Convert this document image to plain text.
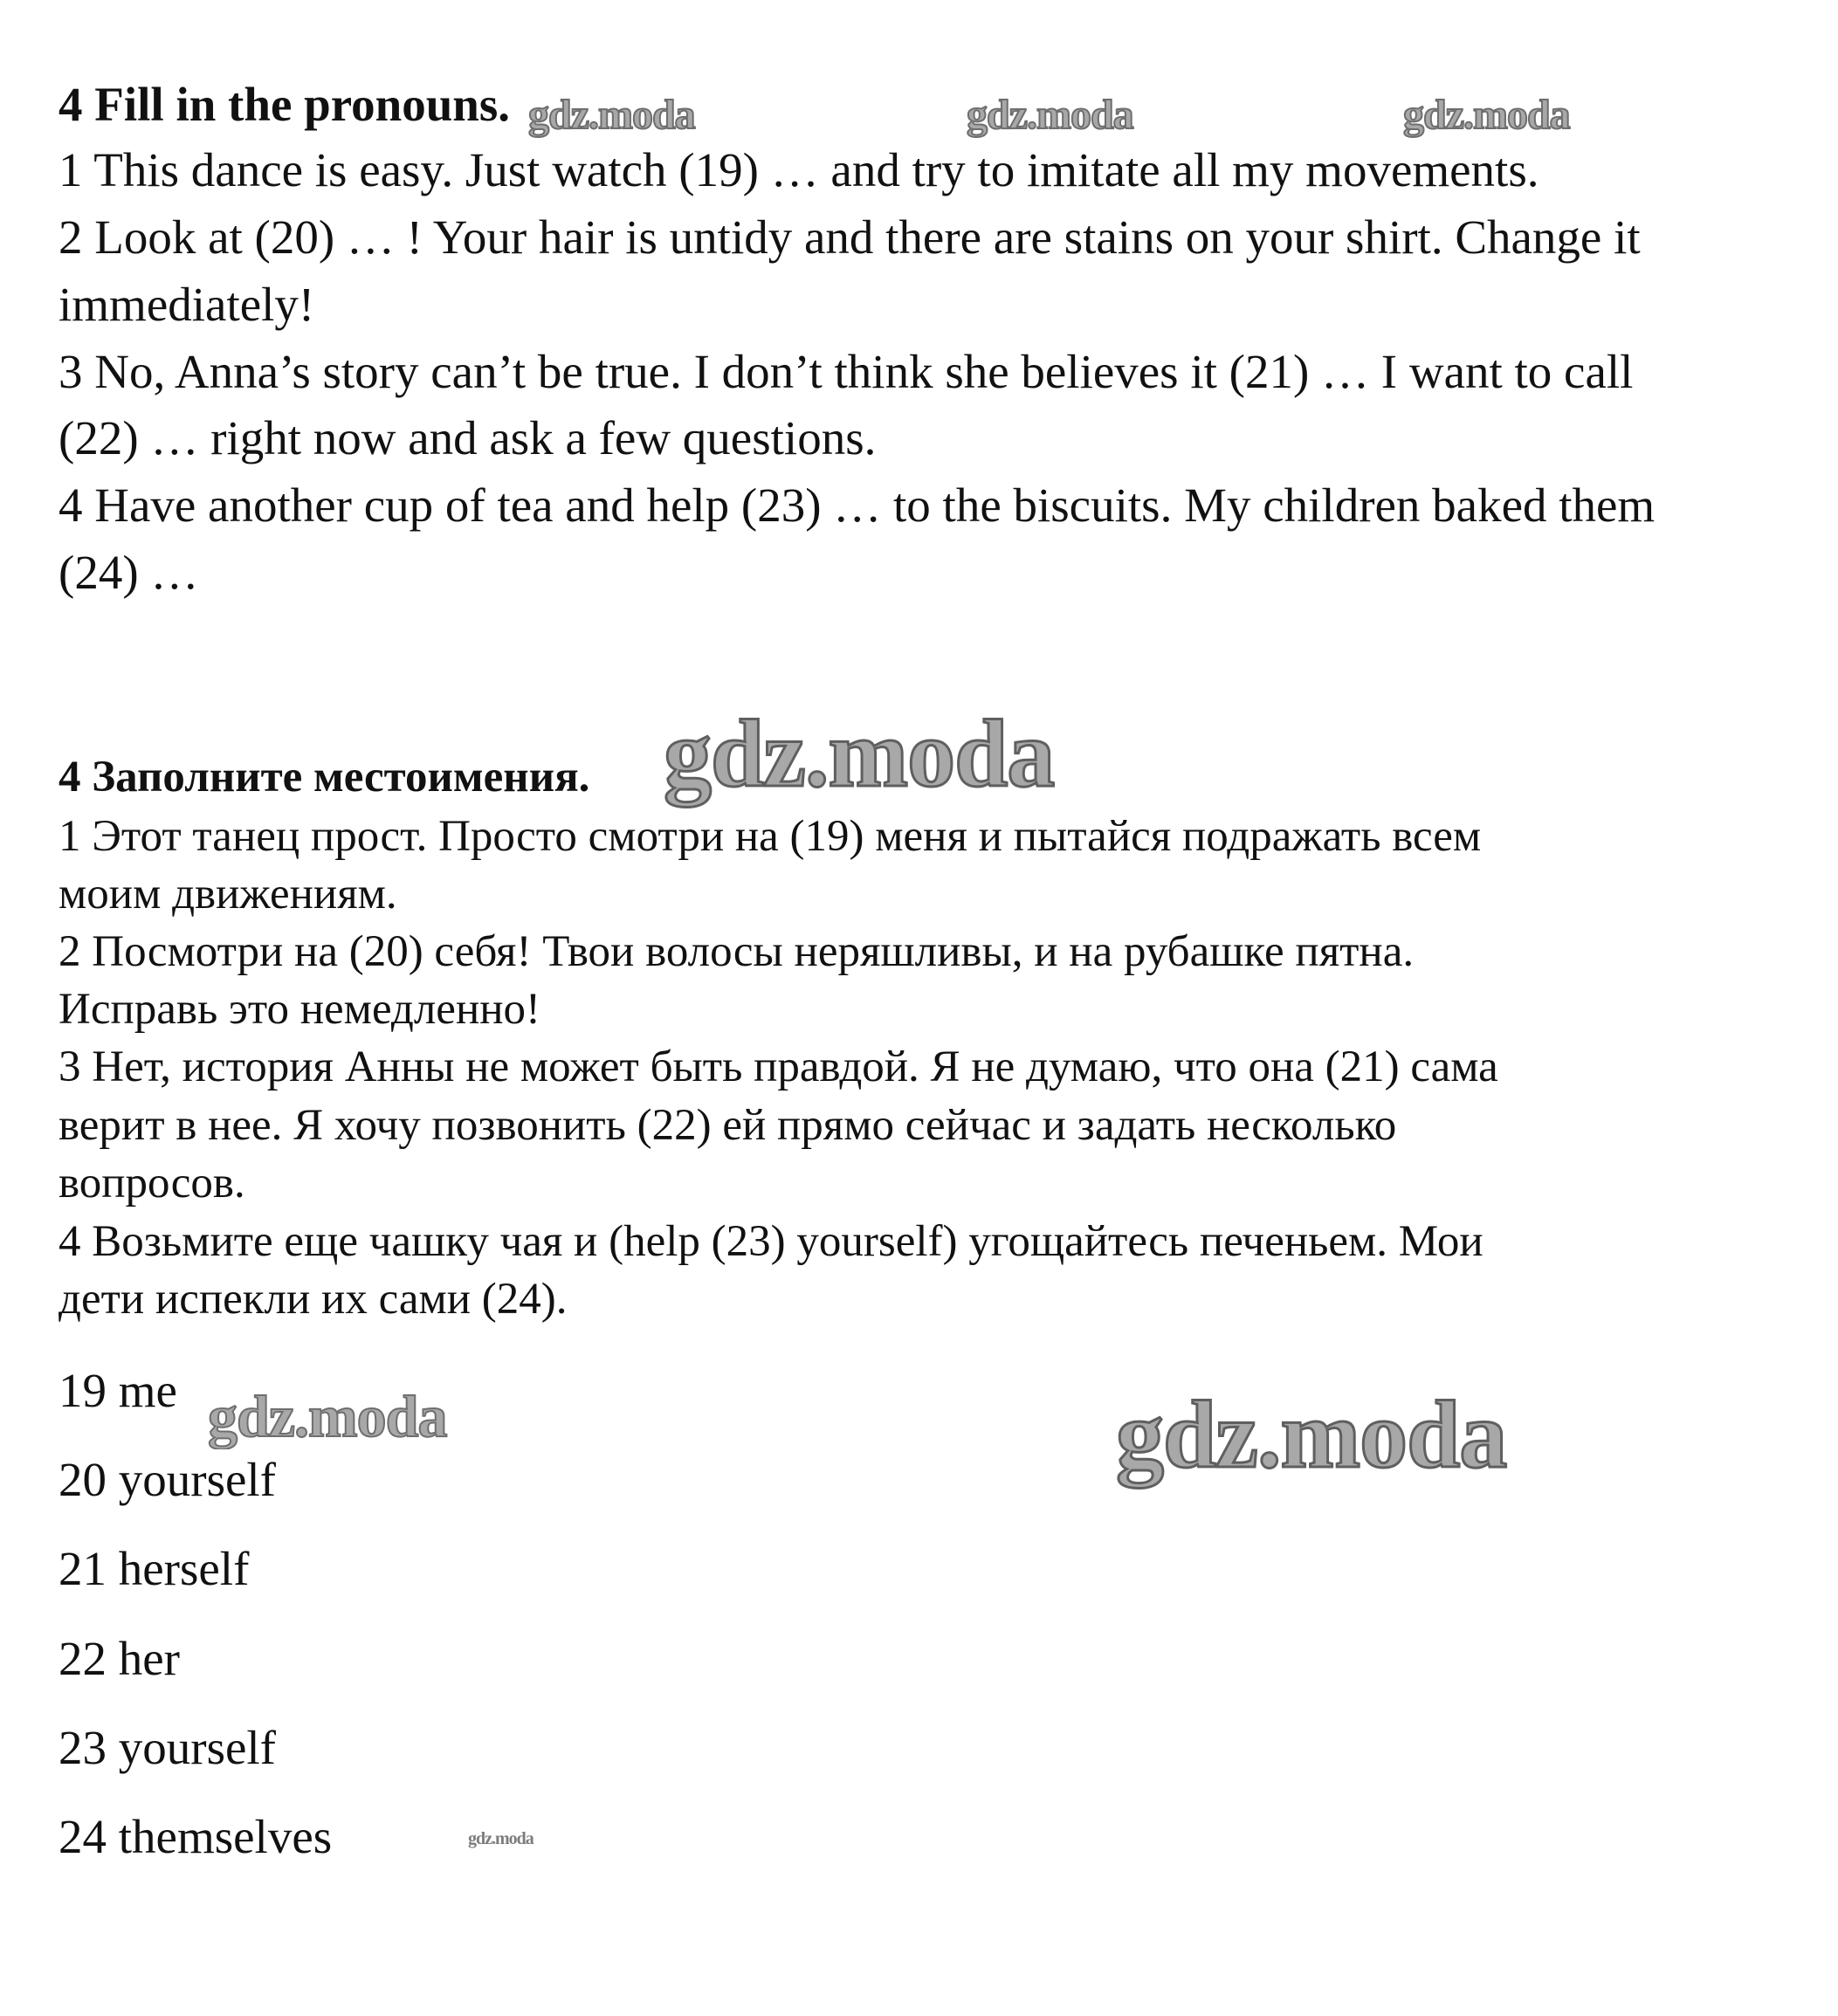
4 Fill in the pronouns.
1 This dance is easy. Just watch (19) … and try to imitate all my movements.
2 Look at (20) … ! Your hair is untidy and there are stains on your shirt. Change it
immediately!
3 No, Anna’s story can’t be true. I don’t think she believes it (21) … I want to call
(22) … right now and ask a few questions.
4 Have another cup of tea and help (23) … to the biscuits. My children baked them
(24) …
4 Заполните местоимения.
1 Этот танец прост. Просто смотри на (19) меня и пытайся подражать всем
моим движениям.
2 Посмотри на (20) себя! Твои волосы неряшливы, и на рубашке пятна.
Исправь это немедленно!
3 Нет, история Анны не может быть правдой. Я не думаю, что она (21) сама
верит в нее. Я хочу позвонить (22) ей прямо сейчас и задать несколько
вопросов.
4 Возьмите еще чашку чая и (help (23) yourself) угощайтесь печеньем. Мои
дети испекли их сами (24).
19 me
20 yourself
21 herself
22 her
23 yourself
24 themselves
gdz.moda	gdz.moda	gdz.moda
gdz.moda
gdz.moda	gdz.moda
gdz.moda
